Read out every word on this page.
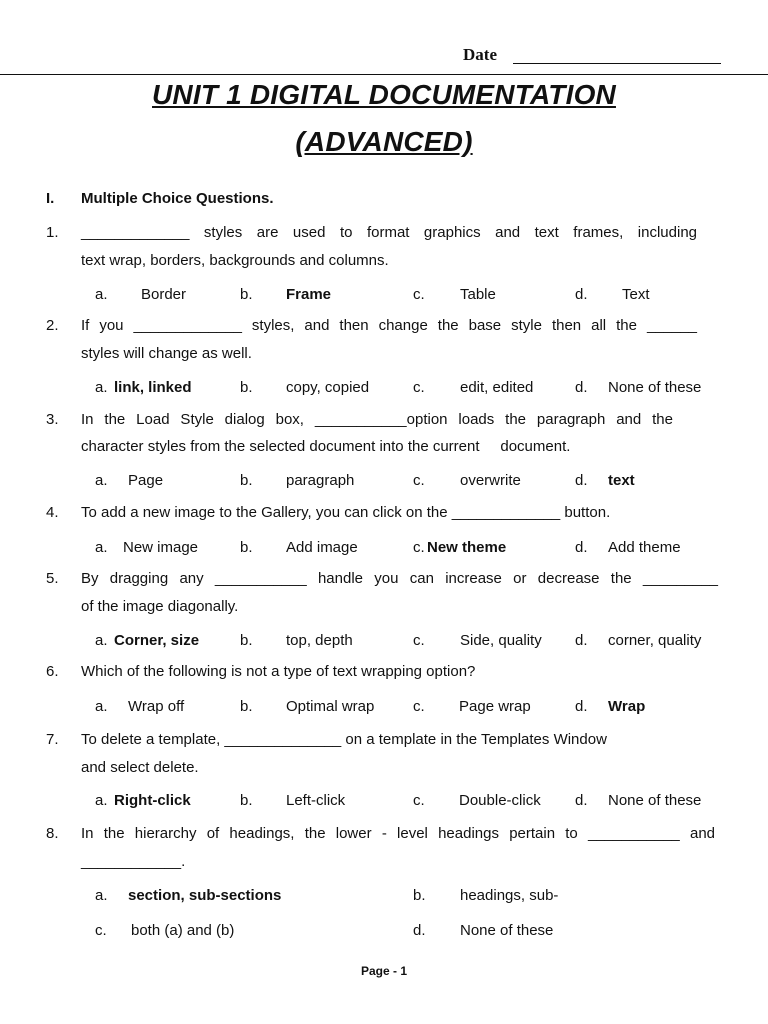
Date
UNIT 1 DIGITAL DOCUMENTATION
(ADVANCED)
I. Multiple Choice Questions.
1. _____________ styles are used to format graphics and text frames, including
text wrap, borders, backgrounds and columns.
a. Border	b. Frame	c. Table	d. Text
2. If you _____________ styles, and then change the base style then all the ______
styles will change as well.
a. link, linked	b. copy, copied	c. edit, edited	d. None of these
3. In the Load Style dialog box, ___________option loads the paragraph and the
character styles from the selected document into the current     document.
a. Page	b. paragraph	c. overwrite	d. text
4. To add a new image to the Gallery, you can click on the _____________ button.
a. New image	b. Add image	c. New theme	d. Add theme
5. By dragging any ___________ handle you can increase or decrease the _________
of the image diagonally.
a. Corner, size	b. top, depth	c. Side, quality d. corner, quality
6. Which of the following is not a type of text wrapping option?
a. Wrap off	b. Optimal wrap	c. Page wrap	d. Wrap
7. To delete a template, ______________ on a template in the Templates Window
and select delete.
a. Right-click	b. Left-click	c. Double-click d. None of these
8. In the hierarchy of headings, the lower - level headings pertain to ___________ and
____________.
a. section, sub-sections	b. headings, sub-
c. both (a) and (b)	d. None of these
Page - 1
